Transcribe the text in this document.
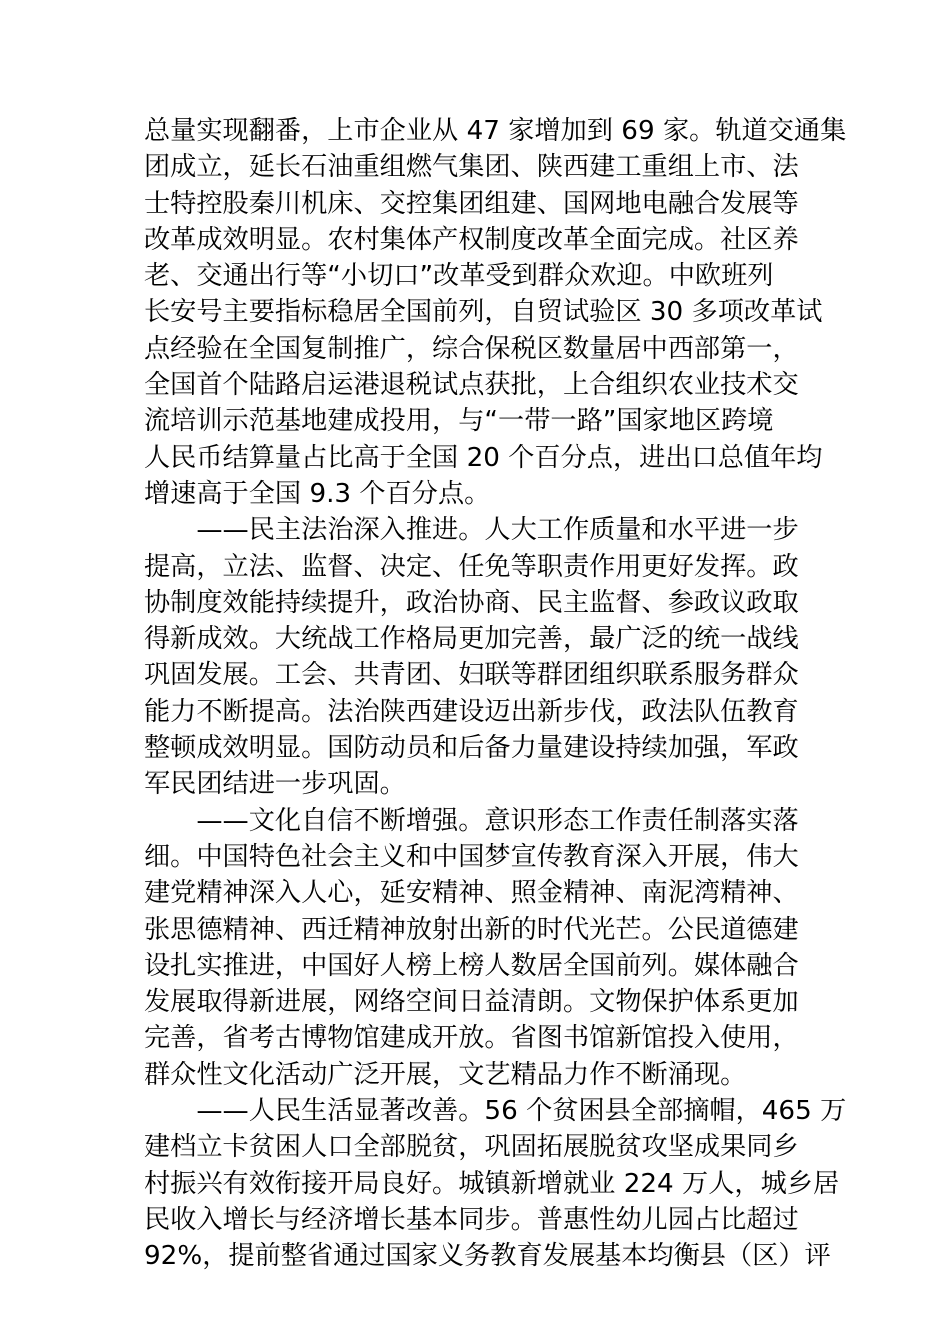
总量实现翻番，上市企业从 47 家增加到 69 家。轨道交通集
团成立，延长石油重组燃气集团、陕西建工重组上市、法
士特控股秦川机床、交控集团组建、国网地电融合发展等
改革成效明显。农村集体产权制度改革全面完成。社区养
老、交通出行等“小切口”改革受到群众欢迎。中欧班列
长安号主要指标稳居全国前列，自贸试验区 30 多项改革试
点经验在全国复制推广，综合保税区数量居中西部第一，
全国首个陆路启运港退税试点获批，上合组织农业技术交
流培训示范基地建成投用，与“一带一路”国家地区跨境
人民币结算量占比高于全国 20 个百分点，进出口总值年均
增速高于全国 9.3 个百分点。
　　——民主法治深入推进。人大工作质量和水平进一步
提高，立法、监督、决定、任免等职责作用更好发挥。政
协制度效能持续提升，政治协商、民主监督、参政议政取
得新成效。大统战工作格局更加完善，最广泛的统一战线
巩固发展。工会、共青团、妇联等群团组织联系服务群众
能力不断提高。法治陕西建设迈出新步伐，政法队伍教育
整顿成效明显。国防动员和后备力量建设持续加强，军政
军民团结进一步巩固。
　　——文化自信不断增强。意识形态工作责任制落实落
细。中国特色社会主义和中国梦宣传教育深入开展，伟大
建党精神深入人心，延安精神、照金精神、南泥湾精神、
张思德精神、西迁精神放射出新的时代光芒。公民道德建
设扎实推进，中国好人榜上榜人数居全国前列。媒体融合
发展取得新进展，网络空间日益清朗。文物保护体系更加
完善，省考古博物馆建成开放。省图书馆新馆投入使用，
群众性文化活动广泛开展，文艺精品力作不断涌现。
　　——人民生活显著改善。56 个贫困县全部摘帽，465 万
建档立卡贫困人口全部脱贫，巩固拓展脱贫攻坚成果同乡
村振兴有效衔接开局良好。城镇新增就业 224 万人，城乡居
民收入增长与经济增长基本同步。普惠性幼儿园占比超过
92%，提前整省通过国家义务教育发展基本均衡县（区）评
